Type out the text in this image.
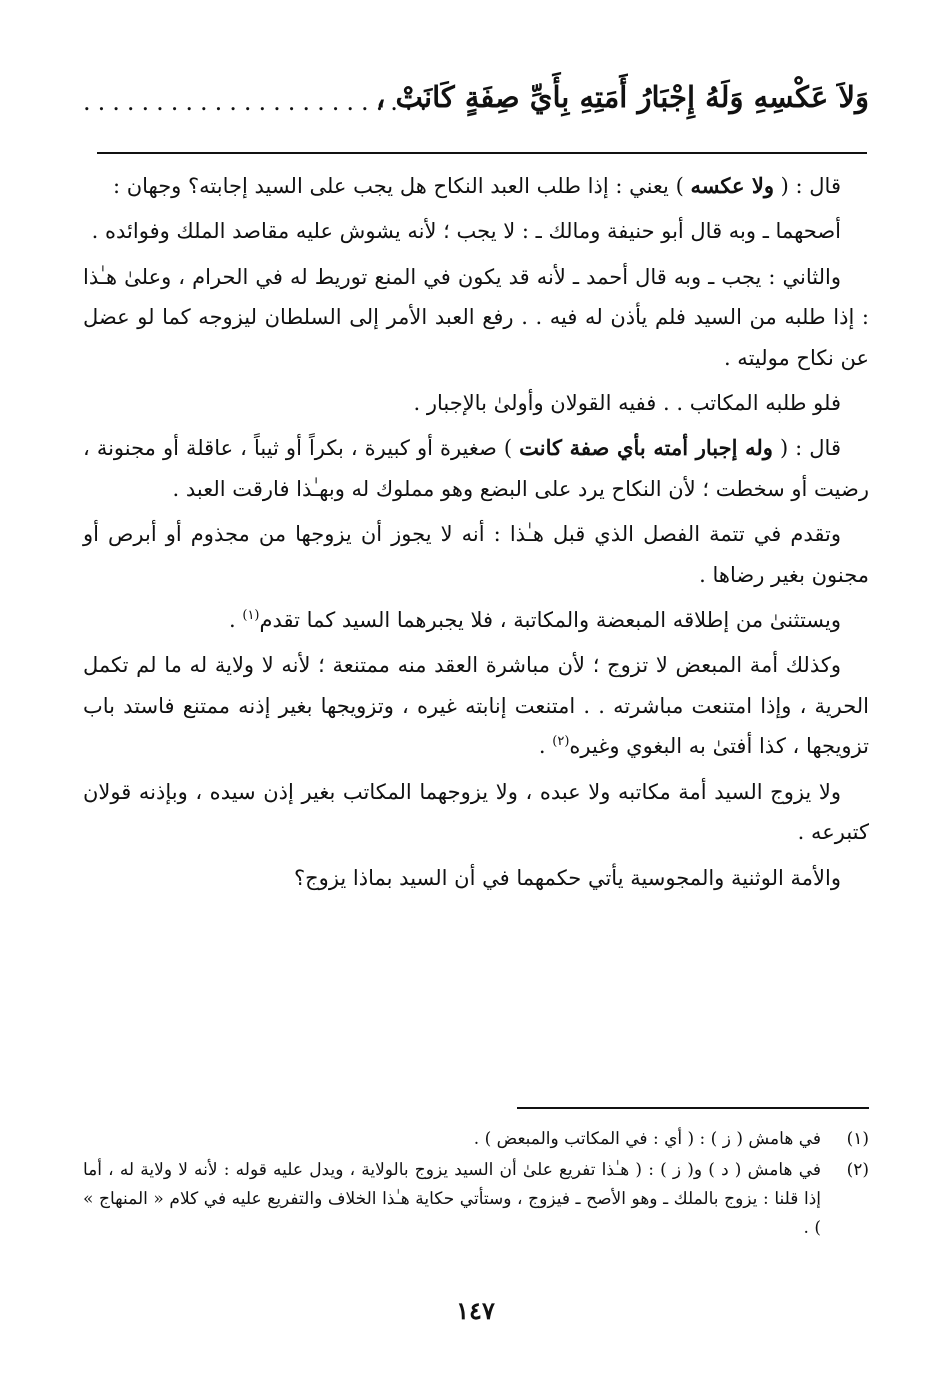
وَلاَ عَكْسِهِ وَلَهُ إِجْبَارُ أَمَتِهِ بِأَيِّ صِفَةٍ كَانَتْ ،
........................

قال : ( ولا عكسه ) يعني : إذا طلب العبد النكاح هل يجب على السيد إجابته؟ وجهان :

أصحهما ـ وبه قال أبو حنيفة ومالك ـ : لا يجب ؛ لأنه يشوش عليه مقاصد الملك وفوائده .

والثاني : يجب ـ وبه قال أحمد ـ لأنه قد يكون في المنع توريط له في الحرام ، وعلىٰ هـٰذا : إذا طلبه من السيد فلم يأذن له فيه . . رفع العبد الأمر إلى السلطان ليزوجه كما لو عضل عن نكاح موليته .

فلو طلبه المكاتب . . ففيه القولان وأولىٰ بالإجبار .

قال : ( وله إجبار أمته بأي صفة كانت ) صغيرة أو كبيرة ، بكراً أو ثيباً ، عاقلة أو مجنونة ، رضيت أو سخطت ؛ لأن النكاح يرد على البضع وهو مملوك له وبهـٰذا فارقت العبد .

وتقدم في تتمة الفصل الذي قبل هـٰذا : أنه لا يجوز أن يزوجها من مجذوم أو أبرص أو مجنون بغير رضاها .

ويستثنىٰ من إطلاقه المبعضة والمكاتبة ، فلا يجبرهما السيد كما تقدم$^{(١)}$ .

وكذلك أمة المبعض لا تزوج ؛ لأن مباشرة العقد منه ممتنعة ؛ لأنه لا ولاية له ما لم تكمل الحرية ، وإذا امتنعت مباشرته . . امتنعت إنابته غيره ، وتزويجها بغير إذنه ممتنع فاستد باب تزويجها ، كذا أفتىٰ به البغوي وغيره$^{(٢)}$ .

ولا يزوج السيد أمة مكاتبه ولا عبده ، ولا يزوجهما المكاتب بغير إذن سيده ، وبإذنه قولان كتبرعه .

والأمة الوثنية والمجوسية يأتي حكمهما في أن السيد بماذا يزوج؟

(١)
في هامش ( ز ) : ( أي : في المكاتب والمبعض ) .
(٢)
في هامش ( د ) و( ز ) : ( هـٰذا تفريع علىٰ أن السيد يزوج بالولاية ، ويدل عليه قوله : لأنه لا ولاية له ، أما إذا قلنا : يزوج بالملك ـ وهو الأصح ـ فيزوج ، وستأتي حكاية هـٰذا الخلاف والتفريع عليه في كلام « المنهاج » ) .
١٤٧
